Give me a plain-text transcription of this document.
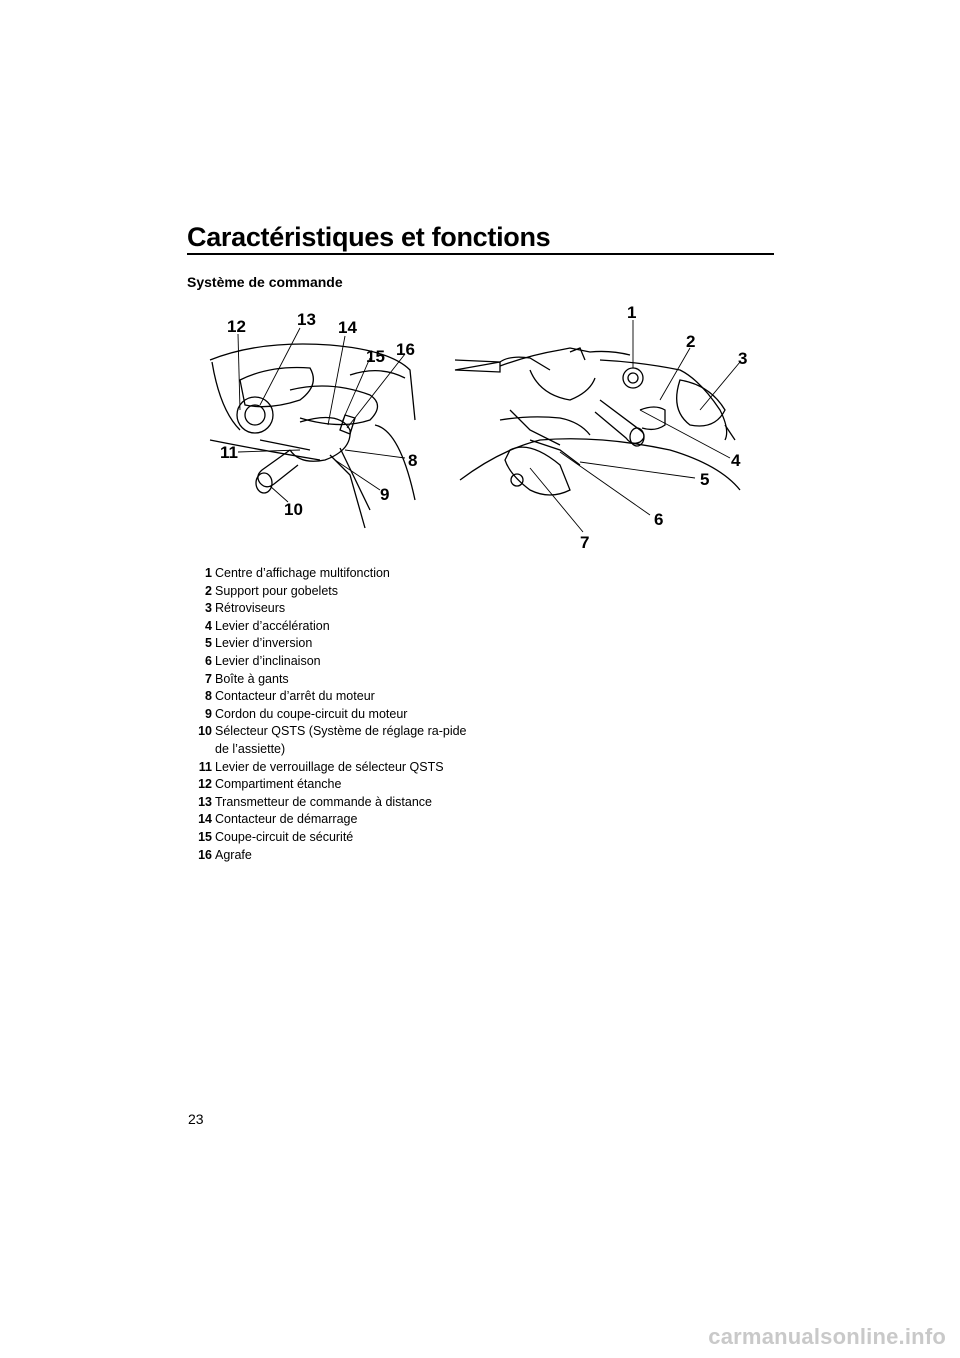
Caractéristiques et fonctions
Système de commande
12	13 14
15 16
11	8
9
10
1
2
3
4
5
6
7
1 Centre d’affichage multifonction
2 Support pour gobelets
3 Rétroviseurs
4 Levier d’accélération
5 Levier d’inversion
6 Levier d’inclinaison
7 Boîte à gants
8 Contacteur d’arrêt du moteur
9 Cordon du coupe-circuit du moteur
10 Sélecteur QSTS (Système de réglage ra-pide de l’assiette)
11 Levier de verrouillage de sélecteur QSTS
12 Compartiment étanche
13 Transmetteur de commande à distance
14 Contacteur de démarrage
15 Coupe-circuit de sécurité
16 Agrafe
23
carmanualsonline.info
